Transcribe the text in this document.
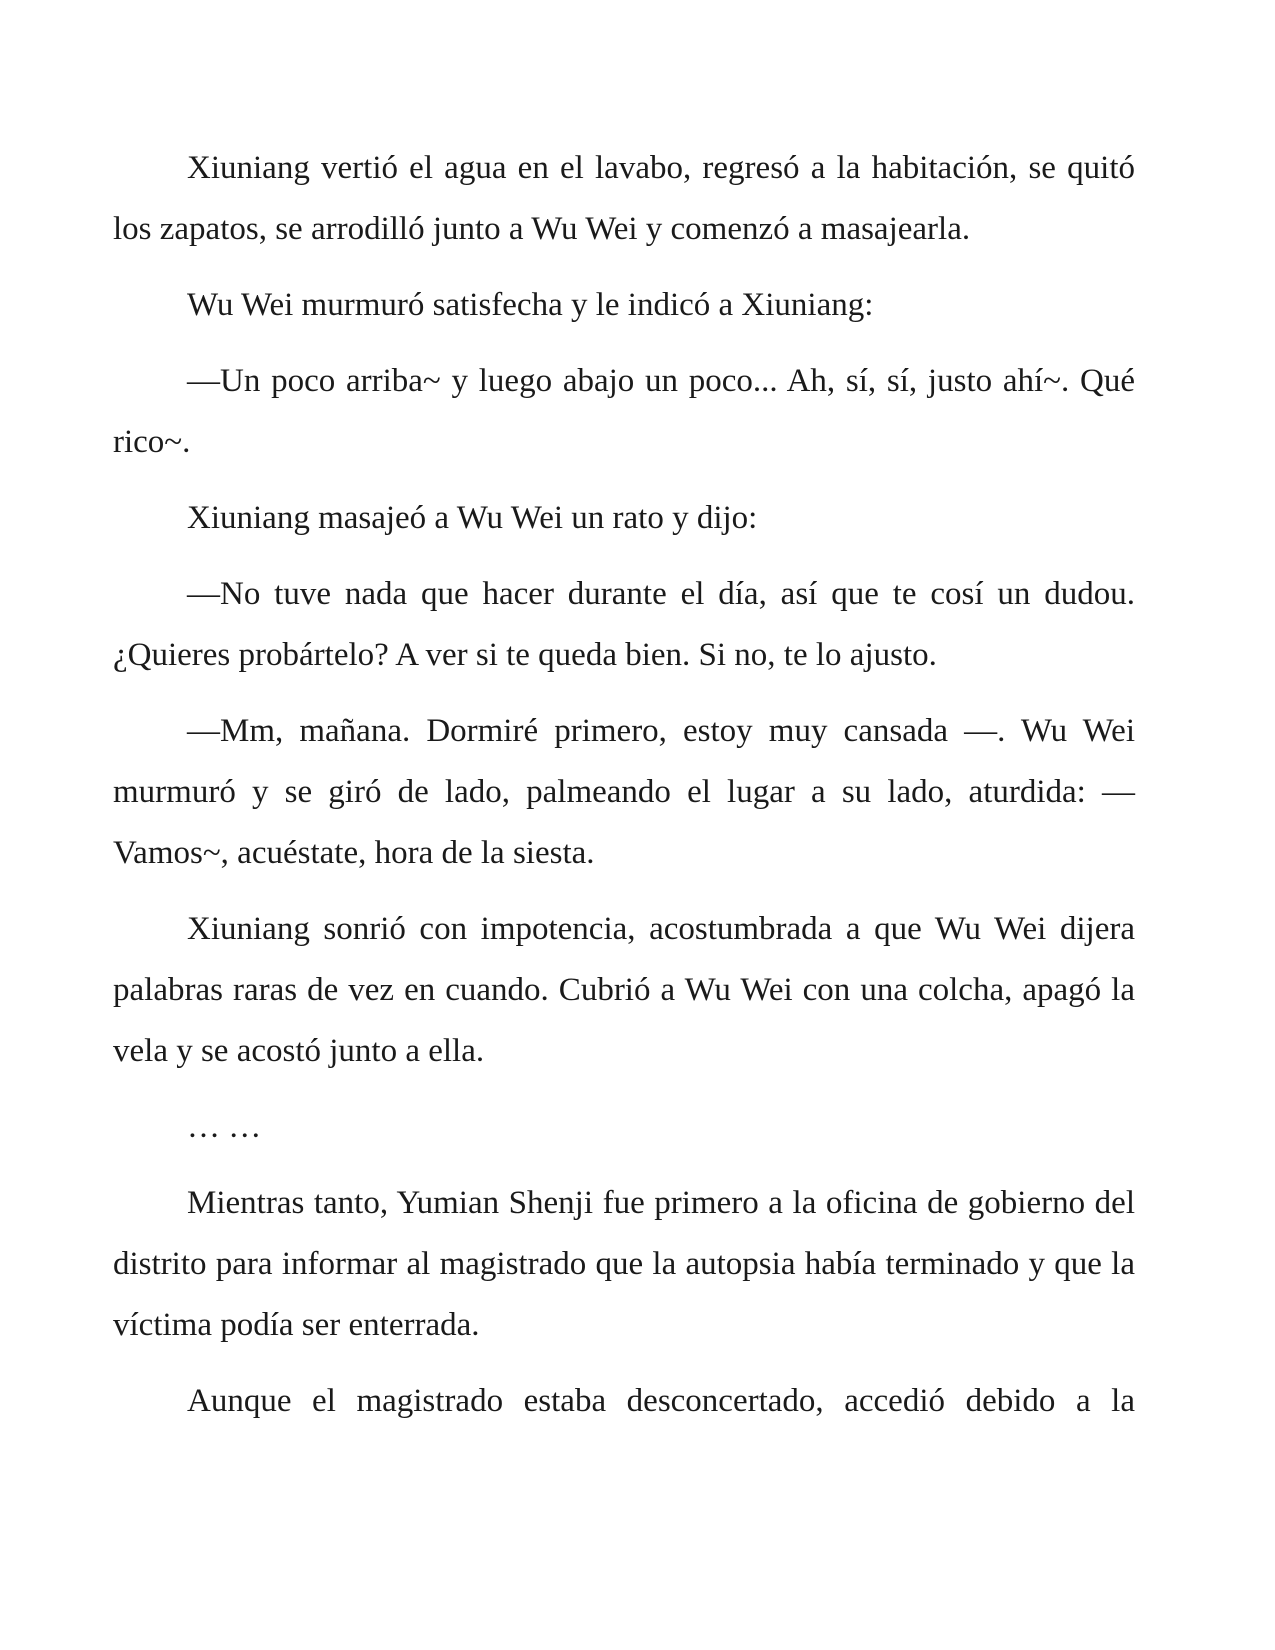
Xiuniang vertió el agua en el lavabo, regresó a la habitación, se quitó los zapatos, se arrodilló junto a Wu Wei y comenzó a masajearla.

Wu Wei murmuró satisfecha y le indicó a Xiuniang:

—Un poco arriba~ y luego abajo un poco... Ah, sí, sí, justo ahí~. Qué rico~.

Xiuniang masajeó a Wu Wei un rato y dijo:

—No tuve nada que hacer durante el día, así que te cosí un dudou. ¿Quieres probártelo? A ver si te queda bien. Si no, te lo ajusto.

—Mm, mañana. Dormiré primero, estoy muy cansada —. Wu Wei murmuró y se giró de lado, palmeando el lugar a su lado, aturdida: —Vamos~, acuéstate, hora de la siesta.

Xiuniang sonrió con impotencia, acostumbrada a que Wu Wei dijera palabras raras de vez en cuando. Cubrió a Wu Wei con una colcha, apagó la vela y se acostó junto a ella.

… …

Mientras tanto, Yumian Shenji fue primero a la oficina de gobierno del distrito para informar al magistrado que la autopsia había terminado y que la víctima podía ser enterrada.

Aunque el magistrado estaba desconcertado, accedió debido a la
